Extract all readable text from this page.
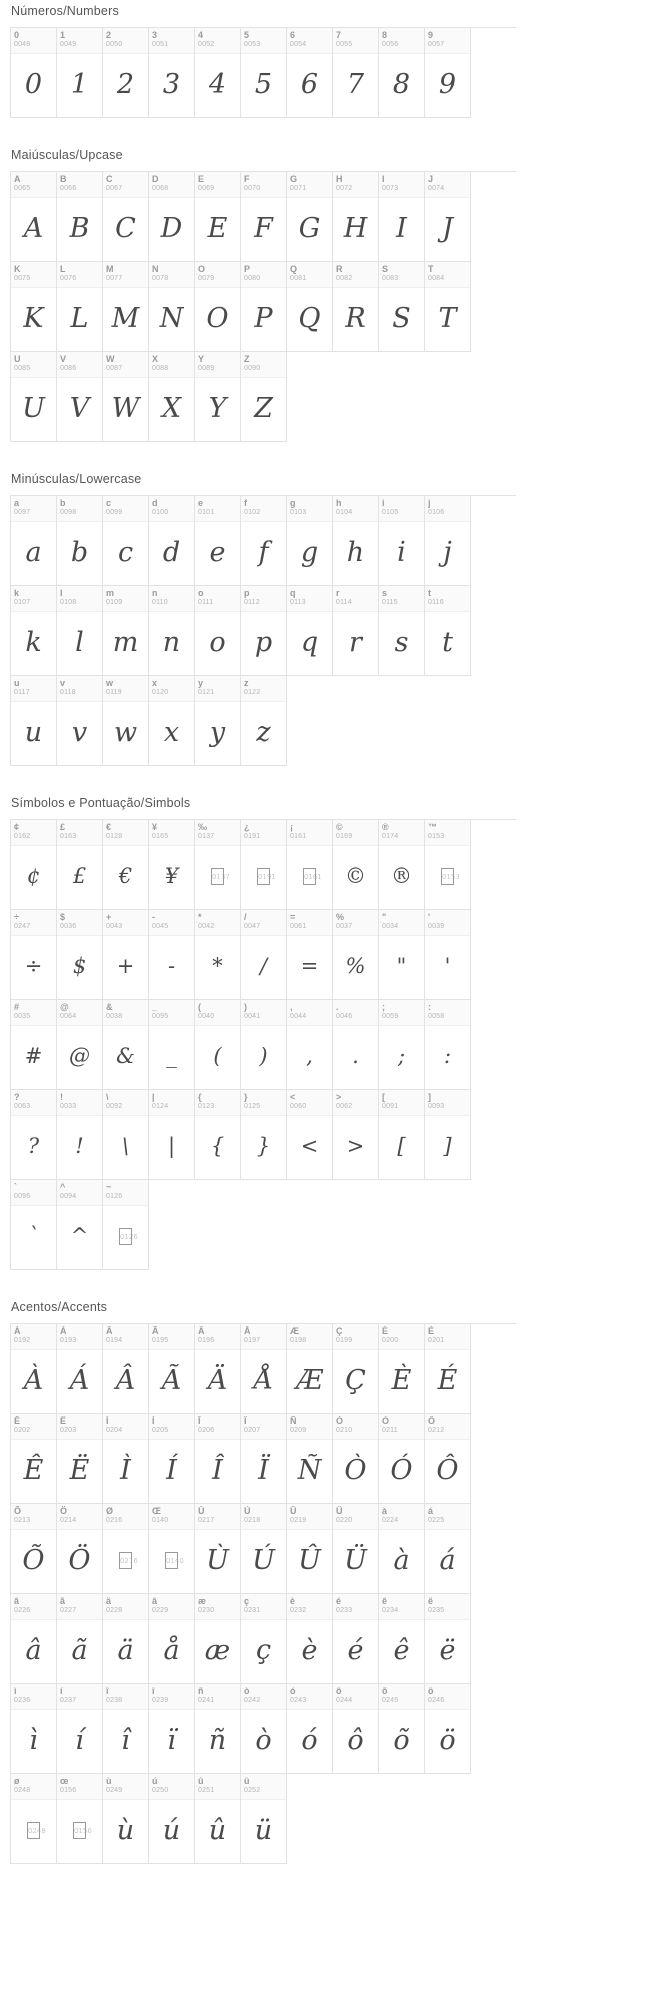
Números/Numbers
0
0048
0
1
0049
1
2
0050
2
3
0051
3
4
0052
4
5
0053
5
6
0054
6
7
0055
7
8
0056
8
9
0057
9
Maiúsculas/Upcase
A
0065
A
B
0066
B
C
0067
C
D
0068
D
E
0069
E
F
0070
F
G
0071
G
H
0072
H
I
0073
I
J
0074
J
K
0075
K
L
0076
L
M
0077
M
N
0078
N
O
0079
O
P
0080
P
Q
0081
Q
R
0082
R
S
0083
S
T
0084
T
U
0085
U
V
0086
V
W
0087
W
X
0088
X
Y
0089
Y
Z
0090
Z
Minúsculas/Lowercase
a
0097
a
b
0098
b
c
0099
c
d
0100
d
e
0101
e
f
0102
f
g
0103
g
h
0104
h
i
0105
i
j
0106
j
k
0107
k
l
0108
l
m
0109
m
n
0110
n
o
0111
o
p
0112
p
q
0113
q
r
0114
r
s
0115
s
t
0116
t
u
0117
u
v
0118
v
w
0119
w
x
0120
x
y
0121
y
z
0122
z
Símbolos e Pontuação/Simbols
¢
0162
¢
£
0163
£
€
0128
€
¥
0165
¥
‰
0137
0137
¿
0191
0191
¡
0161
0161
©
0169
©
®
0174
®
™
0153
0153
÷
0247
÷
$
0036
$
+
0043
+
-
0045
-
*
0042
*
/
0047
/
=
0061
=
%
0037
%
"
0034
"
'
0039
'
#
0035
#
@
0064
@
&
0038
&
_
0095
_
(
0040
(
)
0041
)
,
0044
,
.
0046
.
;
0059
;
:
0058
:
?
0063
?
!
0033
!
\
0092
\
|
0124
|
{
0123
{
}
0125
}
<
0060
<
>
0062
>
[
0091
[
]
0093
]
`
0096
`
^
0094
^
~
0126
0126
Acentos/Accents
À
0192
À
Á
0193
Á
Â
0194
Â
Ã
0195
Ã
Ä
0196
Ä
Å
0197
Å
Æ
0198
Æ
Ç
0199
Ç
È
0200
È
É
0201
É
Ê
0202
Ê
Ë
0203
Ë
Ì
0204
Ì
Í
0205
Í
Î
0206
Î
Ï
0207
Ï
Ñ
0209
Ñ
Ò
0210
Ò
Ó
0211
Ó
Ô
0212
Ô
Õ
0213
Õ
Ö
0214
Ö
Ø
0216
0216
Œ
0140
0140
Ù
0217
Ù
Ú
0218
Ú
Û
0219
Û
Ü
0220
Ü
à
0224
à
á
0225
á
â
0226
â
ã
0227
ã
ä
0228
ä
â
0229
å
æ
0230
æ
ç
0231
ç
è
0232
è
é
0233
é
ê
0234
ê
ë
0235
ë
ì
0236
ì
í
0237
í
î
0238
î
ï
0239
ï
ñ
0241
ñ
ò
0242
ò
ó
0243
ó
ô
0244
ô
õ
0245
õ
ö
0246
ö
ø
0248
0248
œ
0156
0156
ù
0249
ù
ú
0250
ú
û
0251
û
ü
0252
ü
